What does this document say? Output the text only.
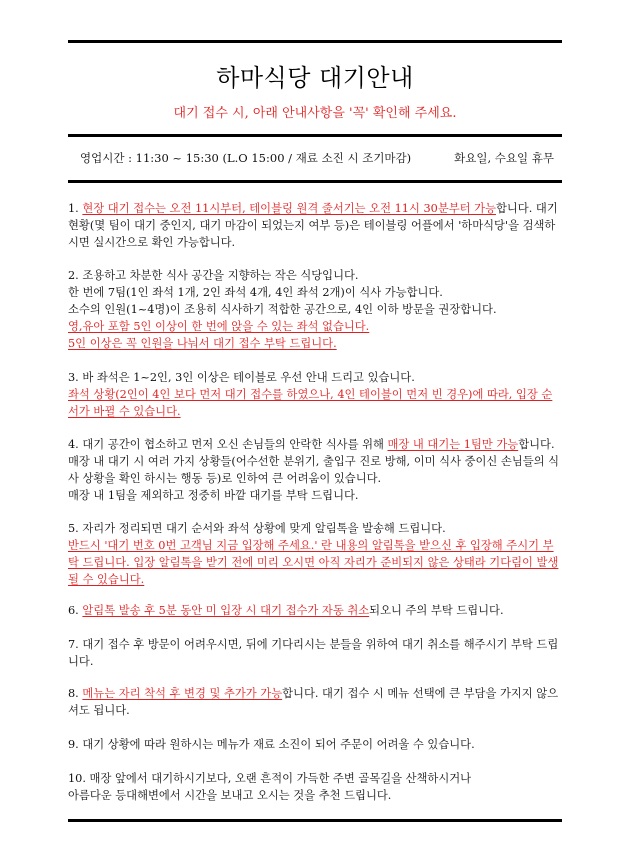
하마식당 대기안내
대기 접수 시, 아래 안내사항을 '꼭' 확인해 주세요.
영업시간 : 11:30 ~ 15:30 (L.O 15:00 / 재료 소진 시 조기마감)	화요일, 수요일 휴무

1. 현장 대기 접수는 오전 11시부터, 테이블링 원격 줄서기는 오전 11시 30분부터 가능합니다. 대기 현황(몇 팀이 대기 중인지, 대기 마감이 되었는지 여부 등)은 테이블링 어플에서 '하마식당'을 검색하시면 실시간으로 확인 가능합니다.

2. 조용하고 차분한 식사 공간을 지향하는 작은 식당입니다.
한 번에 7팀(1인 좌석 1개, 2인 좌석 4개, 4인 좌석 2개)이 식사 가능합니다.
소수의 인원(1~4명)이 조용히 식사하기 적합한 공간으로, 4인 이하 방문을 권장합니다.
영,유아 포함 5인 이상이 한 번에 앉을 수 있는 좌석 없습니다.
5인 이상은 꼭 인원을 나눠서 대기 접수 부탁 드립니다.

3. 바 좌석은 1~2인, 3인 이상은 테이블로 우선 안내 드리고 있습니다.
좌석 상황(2인이 4인 보다 먼저 대기 접수를 하였으나, 4인 테이블이 먼저 빈 경우)에 따라, 입장 순서가 바뀔 수 있습니다.

4. 대기 공간이 협소하고 먼저 오신 손님들의 안락한 식사를 위해 매장 내 대기는 1팀만 가능합니다. 매장 내 대기 시 여러 가지 상황들(어수선한 분위기, 출입구 진로 방해, 이미 식사 중이신 손님들의 식사 상황을 확인 하시는 행동 등)로 인하여 큰 어려움이 있습니다.
매장 내 1팀을 제외하고 정중히 바깥 대기를 부탁 드립니다.

5. 자리가 정리되면 대기 순서와 좌석 상황에 맞게 알림톡을 발송해 드립니다.
반드시 '대기 번호 0번 고객님 지금 입장해 주세요.' 란 내용의 알림톡을 받으신 후 입장해 주시기 부탁 드립니다. 입장 알림톡을 받기 전에 미리 오시면 아직 자리가 준비되지 않은 상태라 기다림이 발생 될 수 있습니다.

6. 알림톡 발송 후 5분 동안 미 입장 시 대기 접수가 자동 취소되오니 주의 부탁 드립니다.

7. 대기 접수 후 방문이 어려우시면, 뒤에 기다리시는 분들을 위하여 대기 취소를 해주시기 부탁 드립니다.

8. 메뉴는 자리 착석 후 변경 및 추가가 가능합니다. 대기 접수 시 메뉴 선택에 큰 부담을 가지지 않으셔도 됩니다.

9. 대기 상황에 따라 원하시는 메뉴가 재료 소진이 되어 주문이 어려울 수 있습니다.

10. 매장 앞에서 대기하시기보다, 오랜 흔적이 가득한 주변 골목길을 산책하시거나
아름다운 등대해변에서 시간을 보내고 오시는 것을 추천 드립니다.
